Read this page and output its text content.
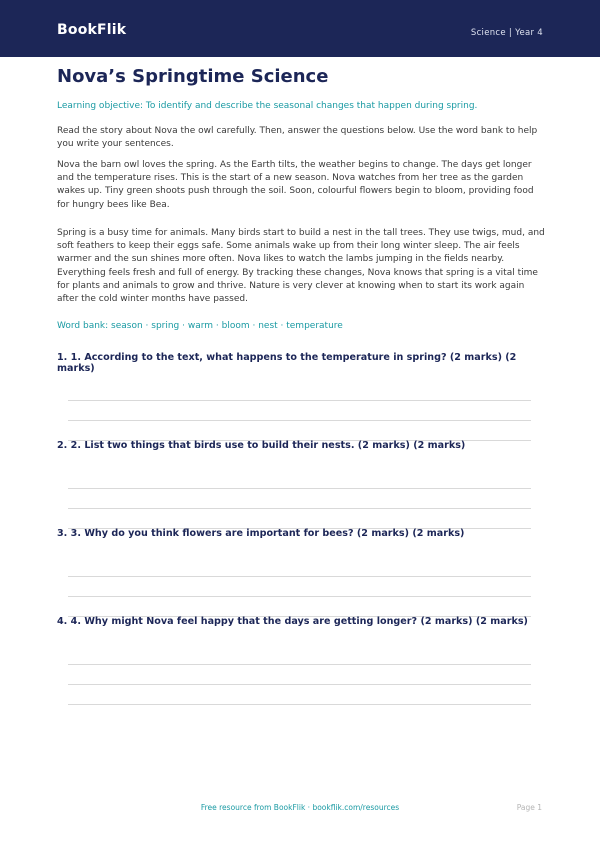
BookFlik	Science | Year 4
Nova’s Springtime Science
Learning objective: To identify and describe the seasonal changes that happen during spring.

Read the story about Nova the owl carefully. Then, answer the questions below. Use the word bank to help you write your sentences.

Nova the barn owl loves the spring. As the Earth tilts, the weather begins to change. The days get longer and the temperature rises. This is the start of a new season. Nova watches from her tree as the garden wakes up. Tiny green shoots push through the soil. Soon, colourful flowers begin to bloom, providing food for hungry bees like Bea.

Spring is a busy time for animals. Many birds start to build a nest in the tall trees. They use twigs, mud, and soft feathers to keep their eggs safe. Some animals wake up from their long winter sleep. The air feels warmer and the sun shines more often. Nova likes to watch the lambs jumping in the fields nearby. Everything feels fresh and full of energy. By tracking these changes, Nova knows that spring is a vital time for plants and animals to grow and thrive. Nature is very clever at knowing when to start its work again after the cold winter months have passed.

Word bank: season · spring · warm · bloom · nest · temperature

1. 1. According to the text, what happens to the temperature in spring? (2 marks) (2 marks)

2. 2. List two things that birds use to build their nests. (2 marks) (2 marks)

3. 3. Why do you think flowers are important for bees? (2 marks) (2 marks)

4. 4. Why might Nova feel happy that the days are getting longer? (2 marks) (2 marks)

Free resource from BookFlik · bookflik.com/resources	Page 1
